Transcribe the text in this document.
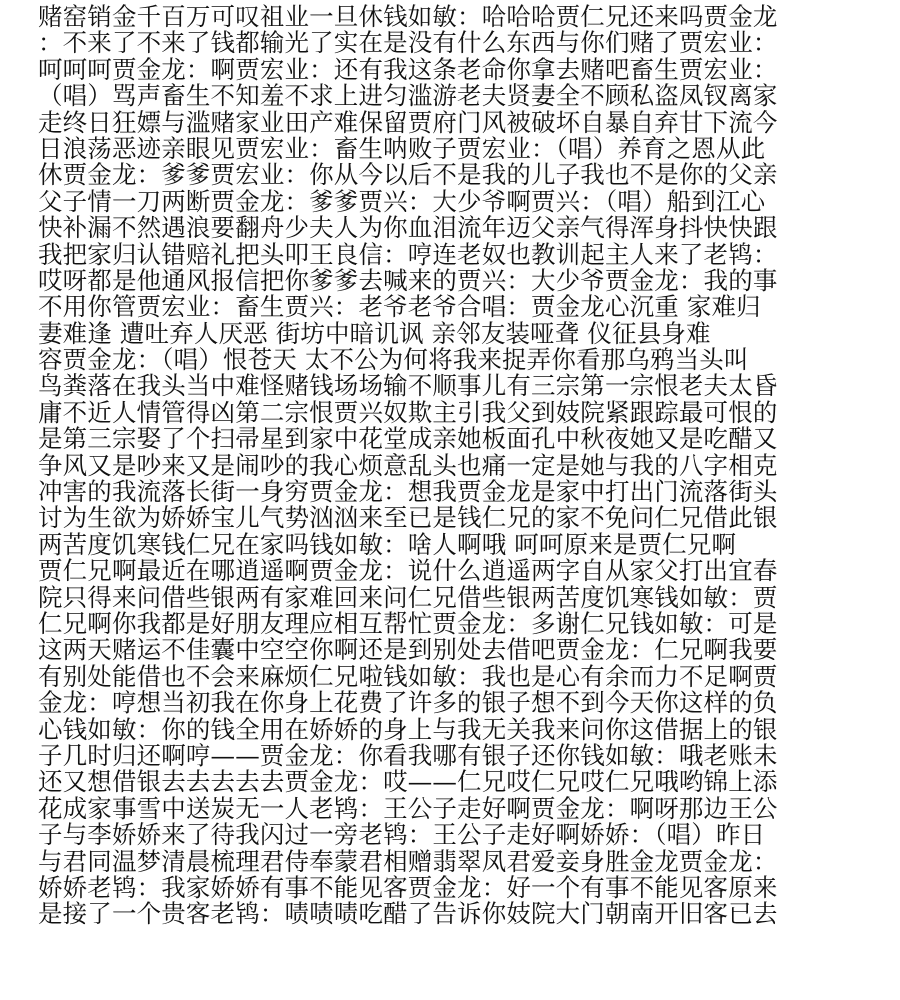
赌窑销金千百万可叹祖业一旦休钱如敏：哈哈哈贾仁兄还来吗贾金龙
：不来了不来了钱都输光了实在是没有什么东西与你们赌了贾宏业：
呵呵呵贾金龙：啊贾宏业：还有我这条老命你拿去赌吧畜生贾宏业：
（唱）骂声畜生不知羞不求上进匀滥游老夫贤妻全不顾私盗凤钗离家
走终日狂嫖与滥赌家业田产难保留贾府门风被破坏自暴自弃甘下流今
日浪荡恶迹亲眼见贾宏业：畜生呐败子贾宏业：（唱）养育之恩从此
休贾金龙：爹爹贾宏业：你从今以后不是我的儿子我也不是你的父亲
父子情一刀两断贾金龙：爹爹贾兴：大少爷啊贾兴：（唱）船到江心
快补漏不然遇浪要翻舟少夫人为你血泪流年迈父亲气得浑身抖快快跟
我把家归认错赔礼把头叩王良信：哼连老奴也教训起主人来了老鸨：
哎呀都是他通风报信把你爹爹去喊来的贾兴：大少爷贾金龙：我的事
不用你管贾宏业：畜生贾兴：老爷老爷合唱：贾金龙心沉重 家难归
妻难逢 遭吐弃人厌恶 街坊中暗讥讽 亲邻友装哑聋 仪征县身难
容贾金龙：（唱）恨苍天 太不公为何将我来捉弄你看那乌鸦当头叫
鸟粪落在我头当中难怪赌钱场场输不顺事儿有三宗第一宗恨老夫太昏
庸不近人情管得凶第二宗恨贾兴奴欺主引我父到妓院紧跟踪最可恨的
是第三宗娶了个扫帚星到家中花堂成亲她板面孔中秋夜她又是吃醋又
争风又是吵来又是闹吵的我心烦意乱头也痛一定是她与我的八字相克
冲害的我流落长街一身穷贾金龙：想我贾金龙是家中打出门流落街头
讨为生欲为娇娇宝儿气势汹汹来至已是钱仁兄的家不免问仁兄借此银
两苦度饥寒钱仁兄在家吗钱如敏：啥人啊哦 呵呵原来是贾仁兄啊
贾仁兄啊最近在哪逍遥啊贾金龙：说什么逍遥两字自从家父打出宜春
院只得来问借些银两有家难回来问仁兄借些银两苦度饥寒钱如敏：贾
仁兄啊你我都是好朋友理应相互帮忙贾金龙：多谢仁兄钱如敏：可是
这两天赌运不佳囊中空空你啊还是到别处去借吧贾金龙：仁兄啊我要
有别处能借也不会来麻烦仁兄啦钱如敏：我也是心有余而力不足啊贾
金龙：哼想当初我在你身上花费了许多的银子想不到今天你这样的负
心钱如敏：你的钱全用在娇娇的身上与我无关我来问你这借据上的银
子几时归还啊哼——贾金龙：你看我哪有银子还你钱如敏：哦老账未
还又想借银去去去去去贾金龙：哎——仁兄哎仁兄哎仁兄哦哟锦上添
花成家事雪中送炭无一人老鸨：王公子走好啊贾金龙：啊呀那边王公
子与李娇娇来了待我闪过一旁老鸨：王公子走好啊娇娇：（唱）昨日
与君同温梦清晨梳理君侍奉蒙君相赠翡翠凤君爱妾身胜金龙贾金龙：
娇娇老鸨：我家娇娇有事不能见客贾金龙：好一个有事不能见客原来
是接了一个贵客老鸨：啧啧啧吃醋了告诉你妓院大门朝南开旧客已去
